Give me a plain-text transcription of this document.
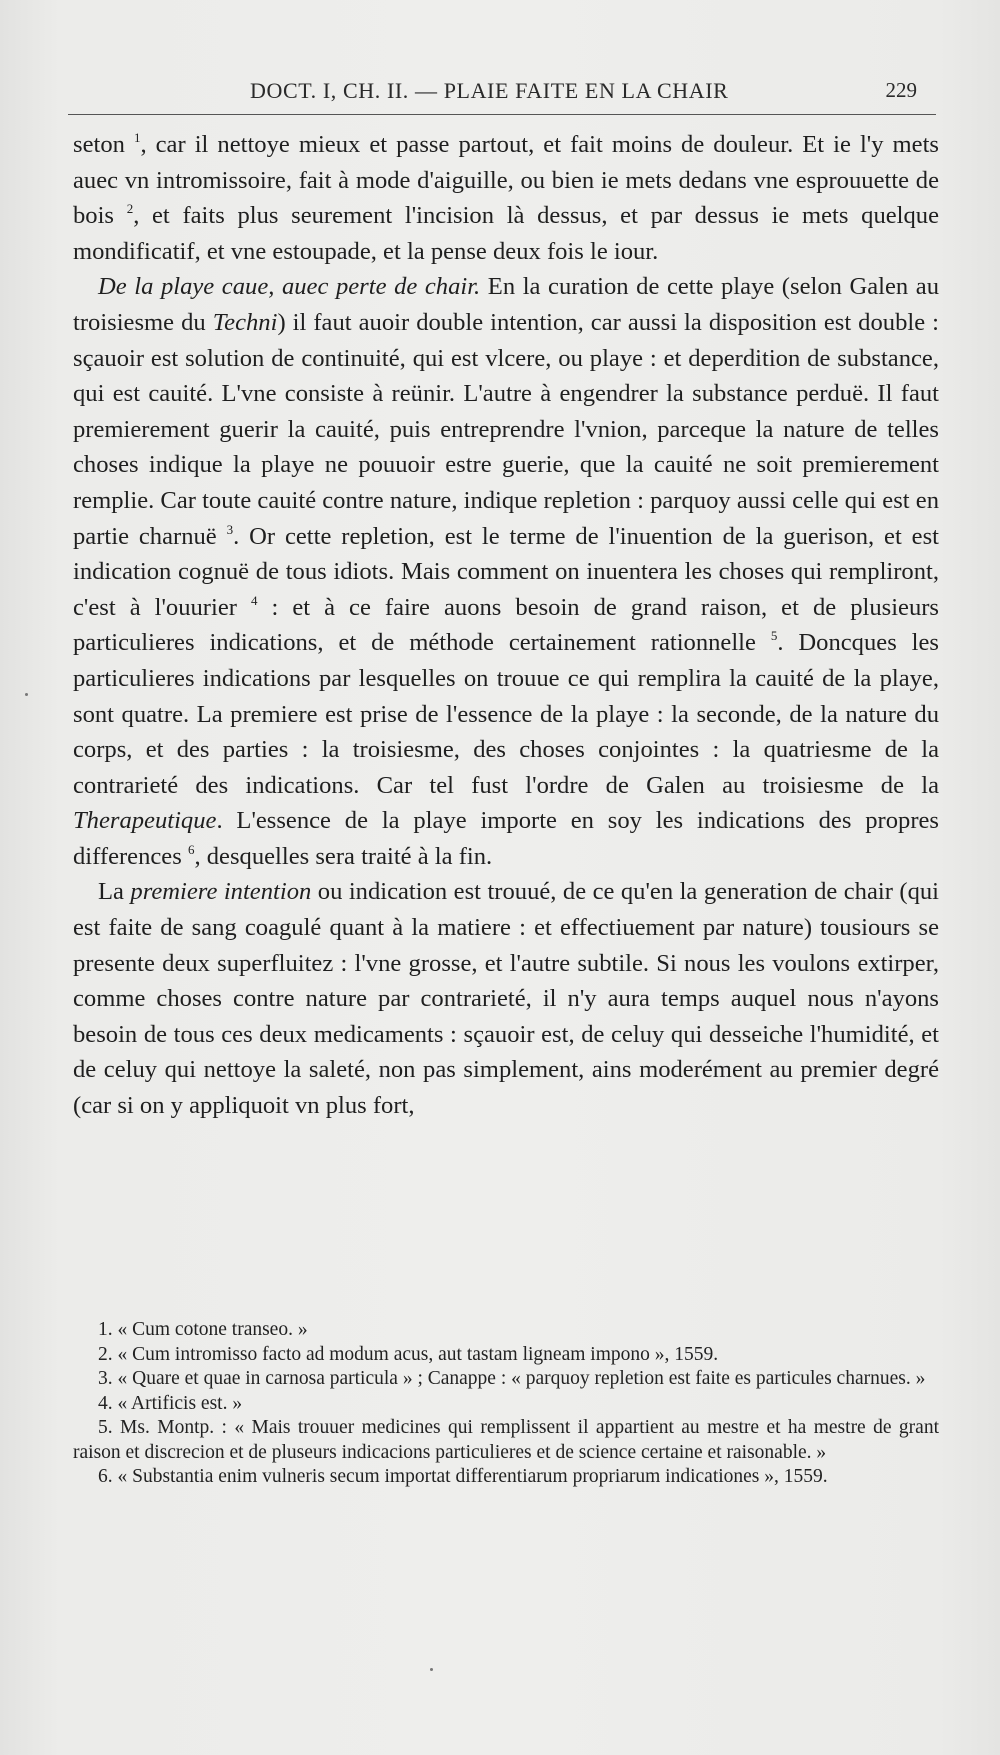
DOCT. I, CH. II. — PLAIE FAITE EN LA CHAIR	229

seton $^1$, car il nettoye mieux et passe partout, et fait moins de douleur. Et ie l'y mets auec vn intromissoire, fait à mode d'aiguille, ou bien ie mets dedans vne esprouuette de bois $^2$, et faits plus seurement l'incision là dessus, et par dessus ie mets quelque mondificatif, et vne estoupade, et la pense deux fois le iour.

De la playe caue, auec perte de chair. En la curation de cette playe (selon Galen au troisiesme du Techni) il faut auoir double intention, car aussi la disposition est double : sçauoir est solution de continuité, qui est vlcere, ou playe : et deperdition de substance, qui est cauité. L'vne consiste à reünir. L'autre à engendrer la substance perduë. Il faut premierement guerir la cauité, puis entreprendre l'vnion, parceque la nature de telles choses indique la playe ne pouuoir estre guerie, que la cauité ne soit premierement remplie. Car toute cauité contre nature, indique repletion : parquoy aussi celle qui est en partie charnuë $^3$. Or cette repletion, est le terme de l'inuention de la guerison, et est indication cognuë de tous idiots. Mais comment on inuentera les choses qui rempliront, c'est à l'ouurier $^4$ : et à ce faire auons besoin de grand raison, et de plusieurs particulieres indications, et de méthode certainement rationnelle $^5$. Doncques les particulieres indications par lesquelles on trouue ce qui remplira la cauité de la playe, sont quatre. La premiere est prise de l'essence de la playe : la seconde, de la nature du corps, et des parties : la troisiesme, des choses conjointes : la quatriesme de la contrarieté des indications. Car tel fust l'ordre de Galen au troisiesme de la Therapeutique. L'essence de la playe importe en soy les indications des propres differences $^6$, desquelles sera traité à la fin.

La premiere intention ou indication est trouué, de ce qu'en la generation de chair (qui est faite de sang coagulé quant à la matiere : et effectiuement par nature) tousiours se presente deux superfluitez : l'vne grosse, et l'autre subtile. Si nous les voulons extirper, comme choses contre nature par contrarieté, il n'y aura temps auquel nous n'ayons besoin de tous ces deux medicaments : sçauoir est, de celuy qui desseiche l'humidité, et de celuy qui nettoye la saleté, non pas simplement, ains moderément au premier degré (car si on y appliquoit vn plus fort,

1. « Cum cotone transeo. »

2. « Cum intromisso facto ad modum acus, aut tastam ligneam impono », 1559.

3. « Quare et quae in carnosa particula » ; Canappe : « parquoy repletion est faite es particules charnues. »

4. « Artificis est. »

5. Ms. Montp. : « Mais trouuer medicines qui remplissent il appartient au mestre et ha mestre de grant raison et discrecion et de pluseurs indicacions particulieres et de science certaine et raisonable. »

6. « Substantia enim vulneris secum importat differentiarum propriarum indicationes », 1559.
